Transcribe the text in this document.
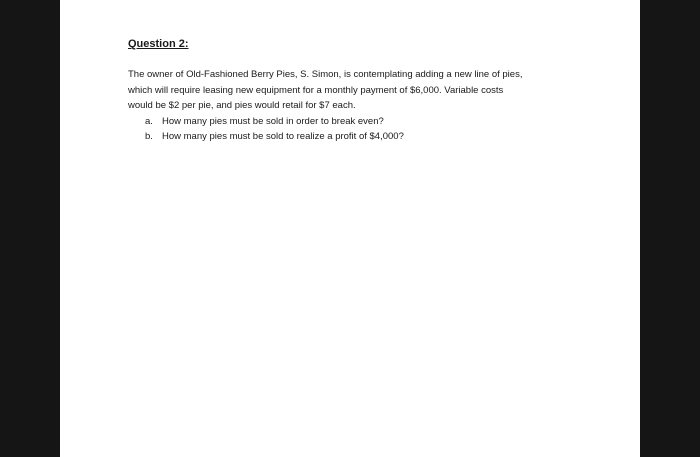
Question 2:
The owner of Old-Fashioned Berry Pies, S. Simon, is contemplating adding a new line of pies,
which will require leasing new equipment for a monthly payment of $6,000. Variable costs
would be $2 per pie, and pies would retail for $7 each.
a. How many pies must be sold in order to break even?
b. How many pies must be sold to realize a profit of $4,000?
